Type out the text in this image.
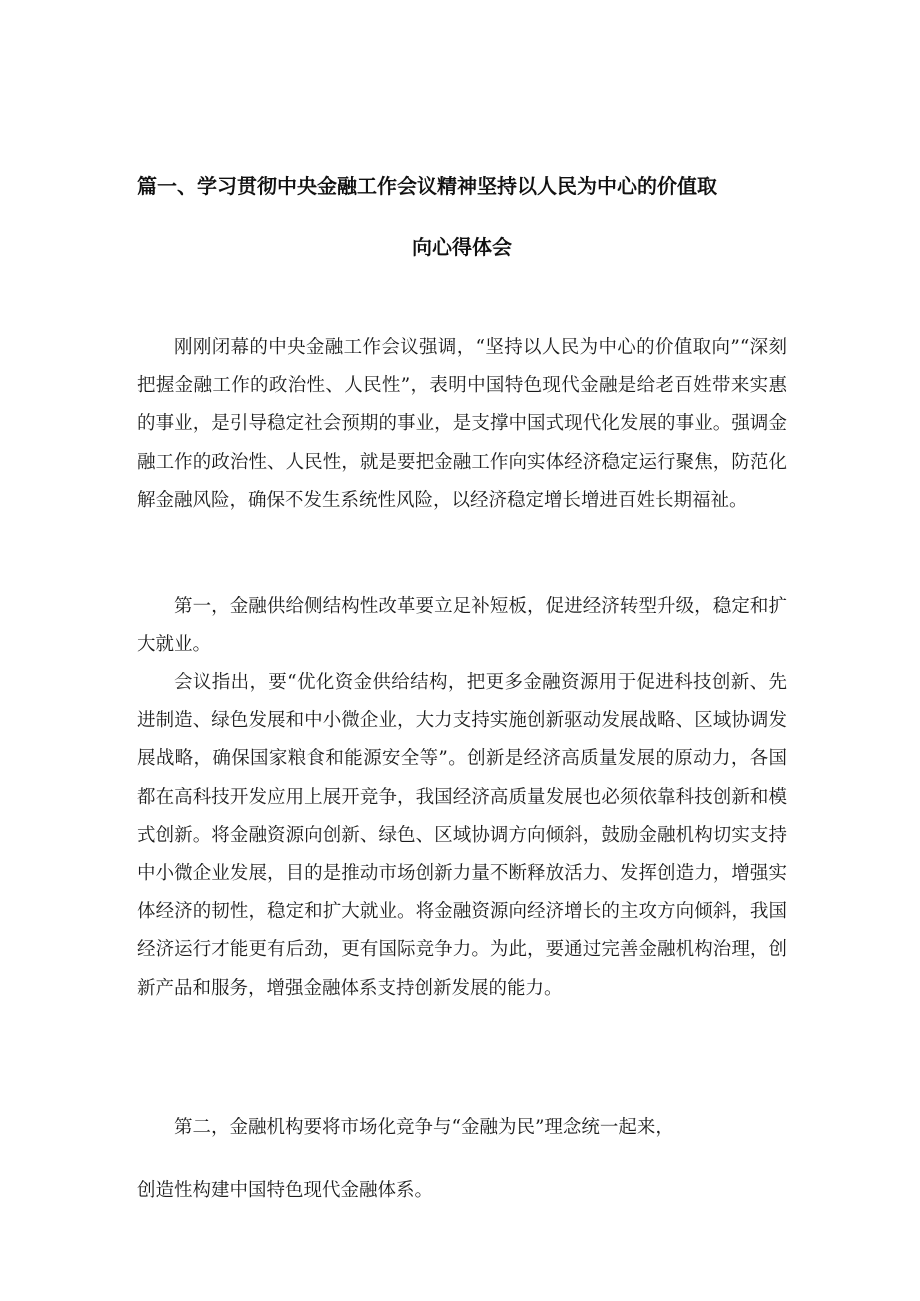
篇一、学习贯彻中央金融工作会议精神坚持以人民为中心的价值取
向心得体会

刚刚闭幕的中央金融工作会议强调，“坚持以人民为中心的价值取向”“深刻把握金融工作的政治性、人民性”，表明中国特色现代金融是给老百姓带来实惠的事业，是引导稳定社会预期的事业，是支撑中国式现代化发展的事业。强调金融工作的政治性、人民性，就是要把金融工作向实体经济稳定运行聚焦，防范化解金融风险，确保不发生系统性风险，以经济稳定增长增进百姓长期福祉。

第一，金融供给侧结构性改革要立足补短板，促进经济转型升级，稳定和扩大就业。

会议指出，要“优化资金供给结构，把更多金融资源用于促进科技创新、先进制造、绿色发展和中小微企业，大力支持实施创新驱动发展战略、区域协调发展战略，确保国家粮食和能源安全等”。创新是经济高质量发展的原动力，各国都在高科技开发应用上展开竞争，我国经济高质量发展也必须依靠科技创新和模式创新。将金融资源向创新、绿色、区域协调方向倾斜，鼓励金融机构切实支持中小微企业发展，目的是推动市场创新力量不断释放活力、发挥创造力，增强实体经济的韧性，稳定和扩大就业。将金融资源向经济增长的主攻方向倾斜，我国经济运行才能更有后劲，更有国际竞争力。为此，要通过完善金融机构治理，创新产品和服务，增强金融体系支持创新发展的能力。

第二，金融机构要将市场化竞争与“金融为民”理念统一起来，

创造性构建中国特色现代金融体系。
